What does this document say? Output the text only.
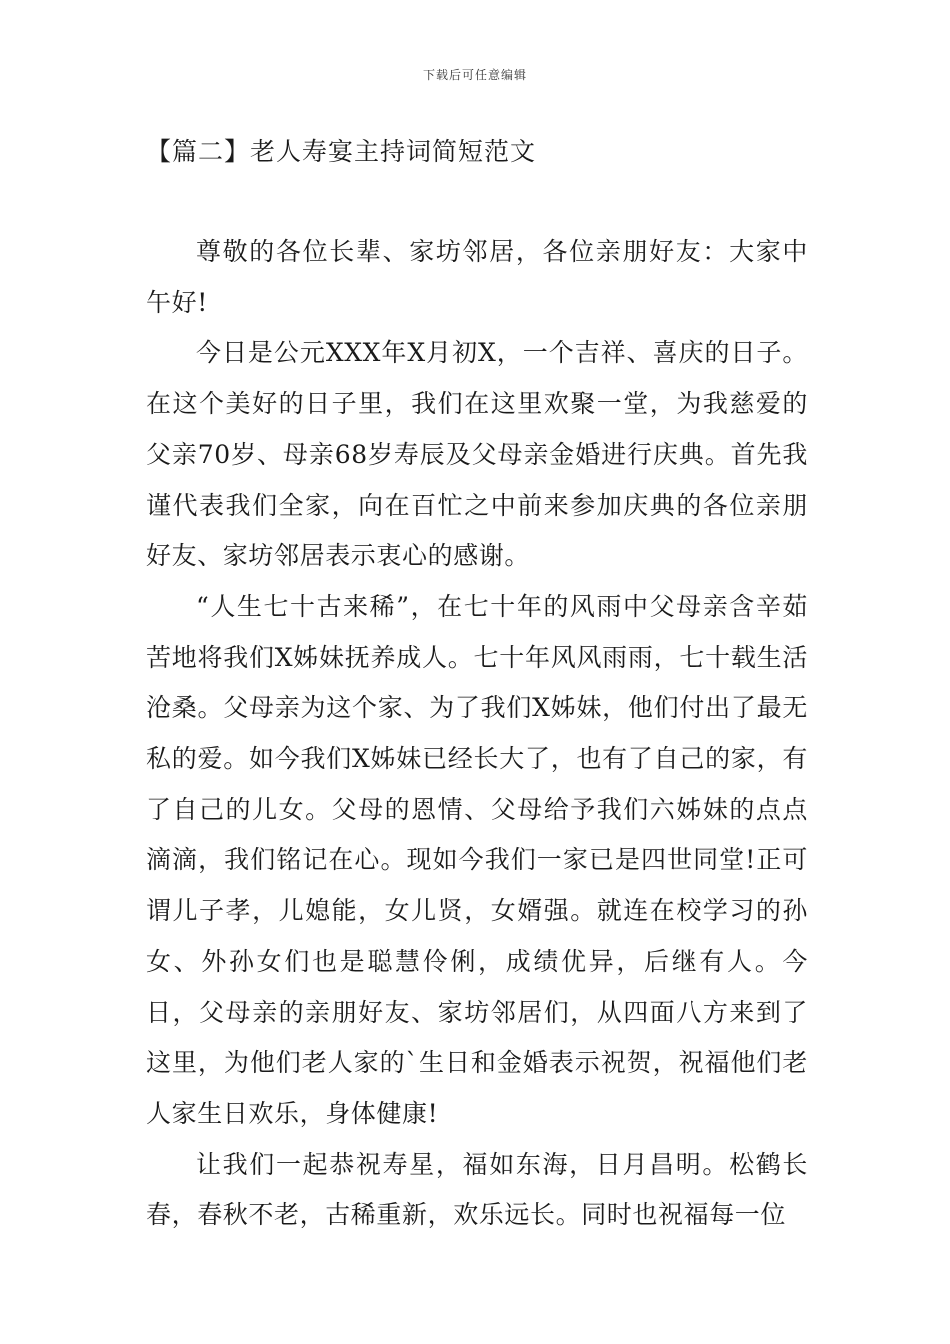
下载后可任意编辑
【篇二】老人寿宴主持词简短范文

尊敬的各位长辈、家坊邻居，各位亲朋好友：大家中午好!

今日是公元XXX年X月初X，一个吉祥、喜庆的日子。在这个美好的日子里，我们在这里欢聚一堂，为我慈爱的父亲70岁、母亲68岁寿辰及父母亲金婚进行庆典。首先我谨代表我们全家，向在百忙之中前来参加庆典的各位亲朋好友、家坊邻居表示衷心的感谢。

“人生七十古来稀”，在七十年的风雨中父母亲含辛茹苦地将我们X姊妹抚养成人。七十年风风雨雨，七十载生活沧桑。父母亲为这个家、为了我们X姊妹，他们付出了最无私的爱。如今我们X姊妹已经长大了，也有了自己的家，有了自己的儿女。父母的恩情、父母给予我们六姊妹的点点滴滴，我们铭记在心。现如今我们一家已是四世同堂!正可谓儿子孝，儿媳能，女儿贤，女婿强。就连在校学习的孙女、外孙女们也是聪慧伶俐，成绩优异，后继有人。今日，父母亲的亲朋好友、家坊邻居们，从四面八方来到了这里，为他们老人家的`生日和金婚表示祝贺，祝福他们老人家生日欢乐，身体健康!

让我们一起恭祝寿星，福如东海，日月昌明。松鹤长春，春秋不老，古稀重新，欢乐远长。同时也祝福每一位
